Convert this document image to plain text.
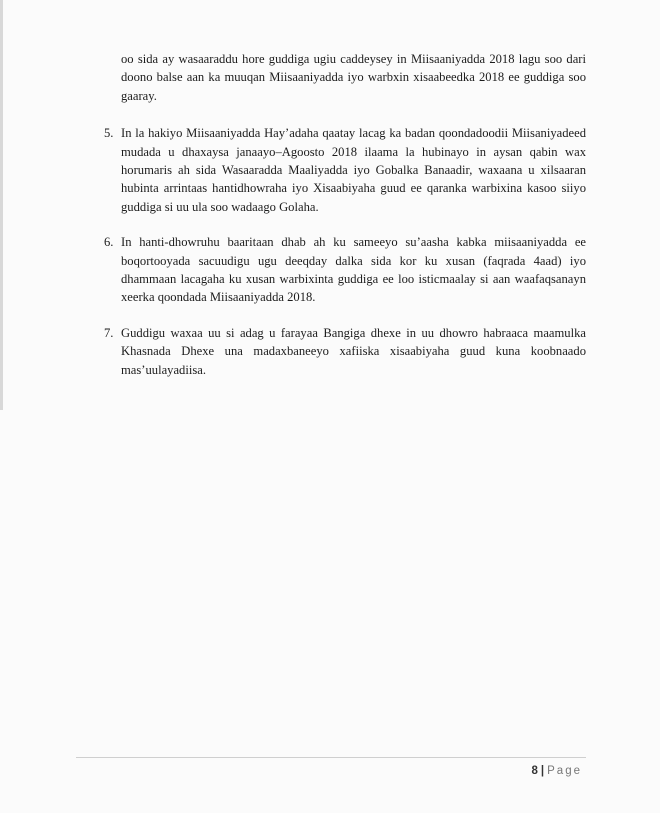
oo sida ay wasaaraddu hore guddiga ugiu caddeysey in Miisaaniyadda 2018 lagu soo dari doono balse aan ka muuqan Miisaaniyadda iyo warbxin xisaabeedka 2018 ee guddiga soo gaaray.

5. In la hakiyo Miisaaniyadda Hay’adaha qaatay lacag ka badan qoondadoodii Miisaniyadeed mudada u dhaxaysa janaayo–Agoosto 2018 ilaama la hubinayo in aysan qabin wax horumaris ah sida Wasaaradda Maaliyadda iyo Gobalka Banaadir, waxaana u xilsaaran hubinta arrintaas hantidhowraha iyo Xisaabiyaha guud ee qaranka warbixina kasoo siiyo guddiga si uu ula soo wadaago Golaha.

6. In hanti-dhowruhu baaritaan dhab ah ku sameeyo su’aasha kabka miisaaniyadda ee boqortooyada sacuudigu ugu deeqday dalka sida kor ku xusan (faqrada 4aad) iyo dhammaan lacagaha ku xusan warbixinta guddiga ee loo isticmaalay si aan waafaqsanayn xeerka qoondada Miisaaniyadda 2018.

7. Guddigu waxaa uu si adag u farayaa Bangiga dhexe in uu dhowro habraaca maamulka Khasnada Dhexe una madaxbaneeyo xafiiska xisaabiyaha guud kuna koobnaado mas’uulayadiisa.

8 | Page
